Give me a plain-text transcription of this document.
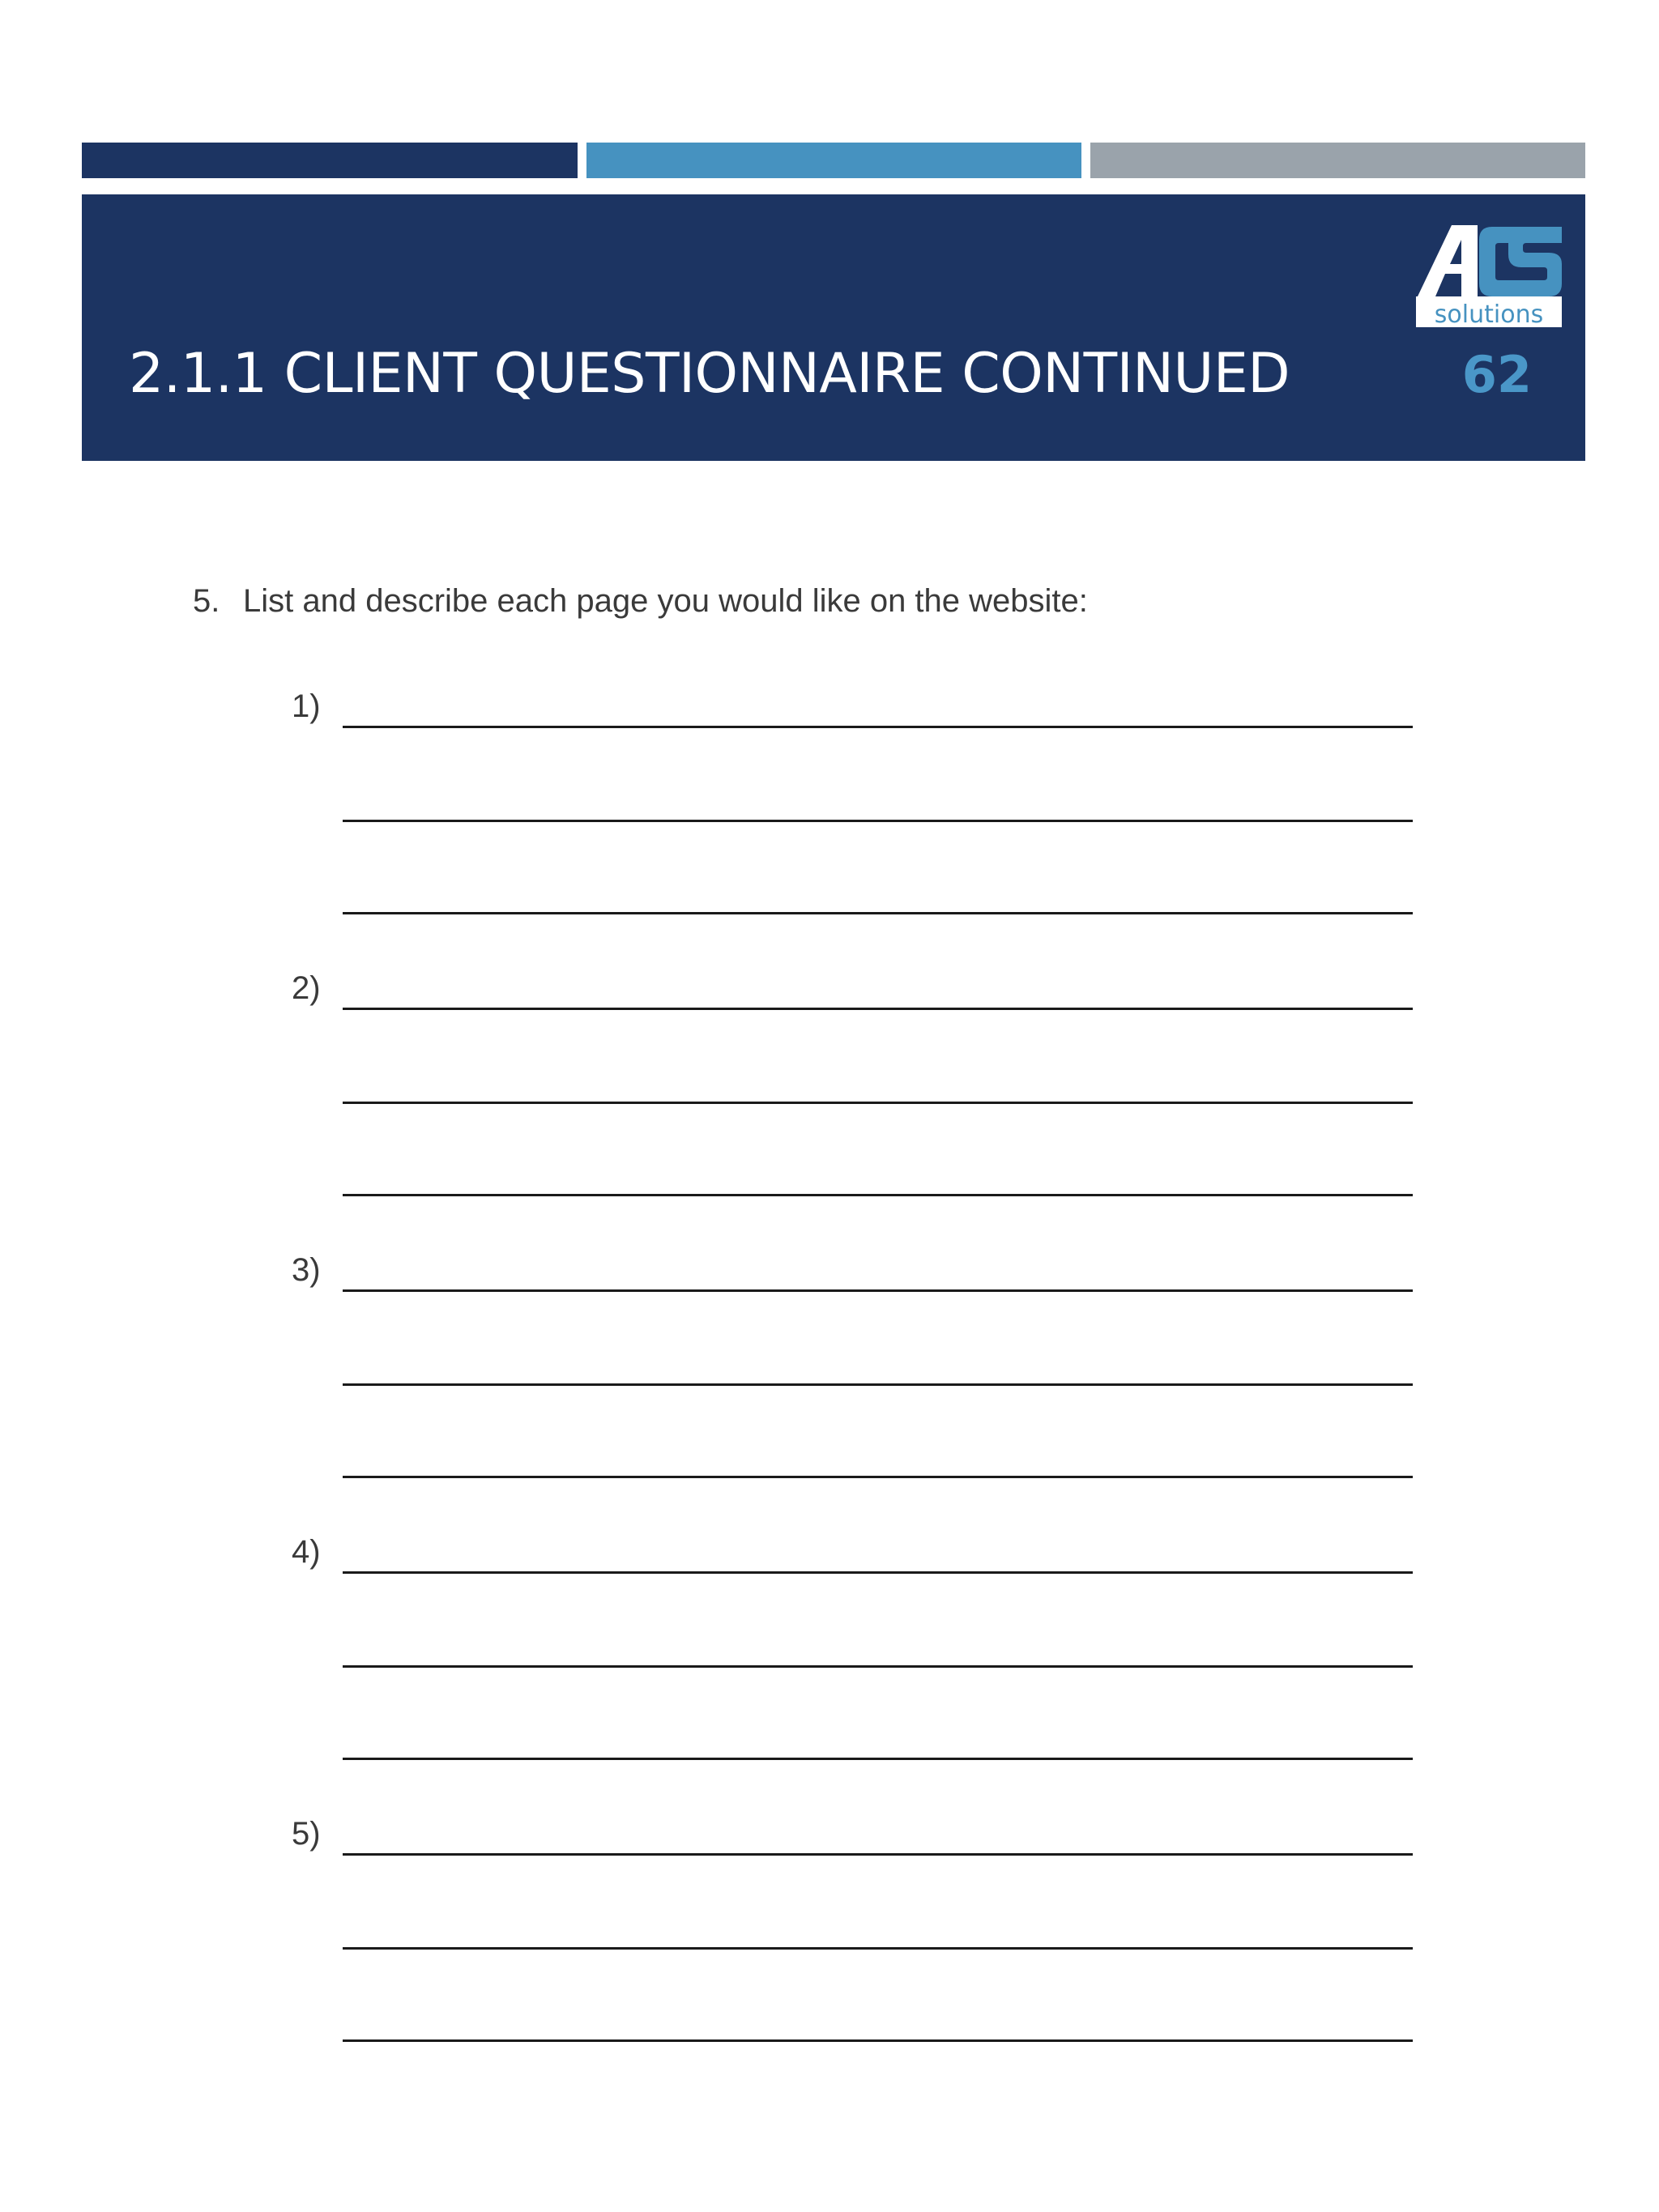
solutions
2.1.1 CLIENT QUESTIONNAIRE CONTINUED	62
5. List and describe each page you would like on the website:
1)
2)
3)
4)
5)
